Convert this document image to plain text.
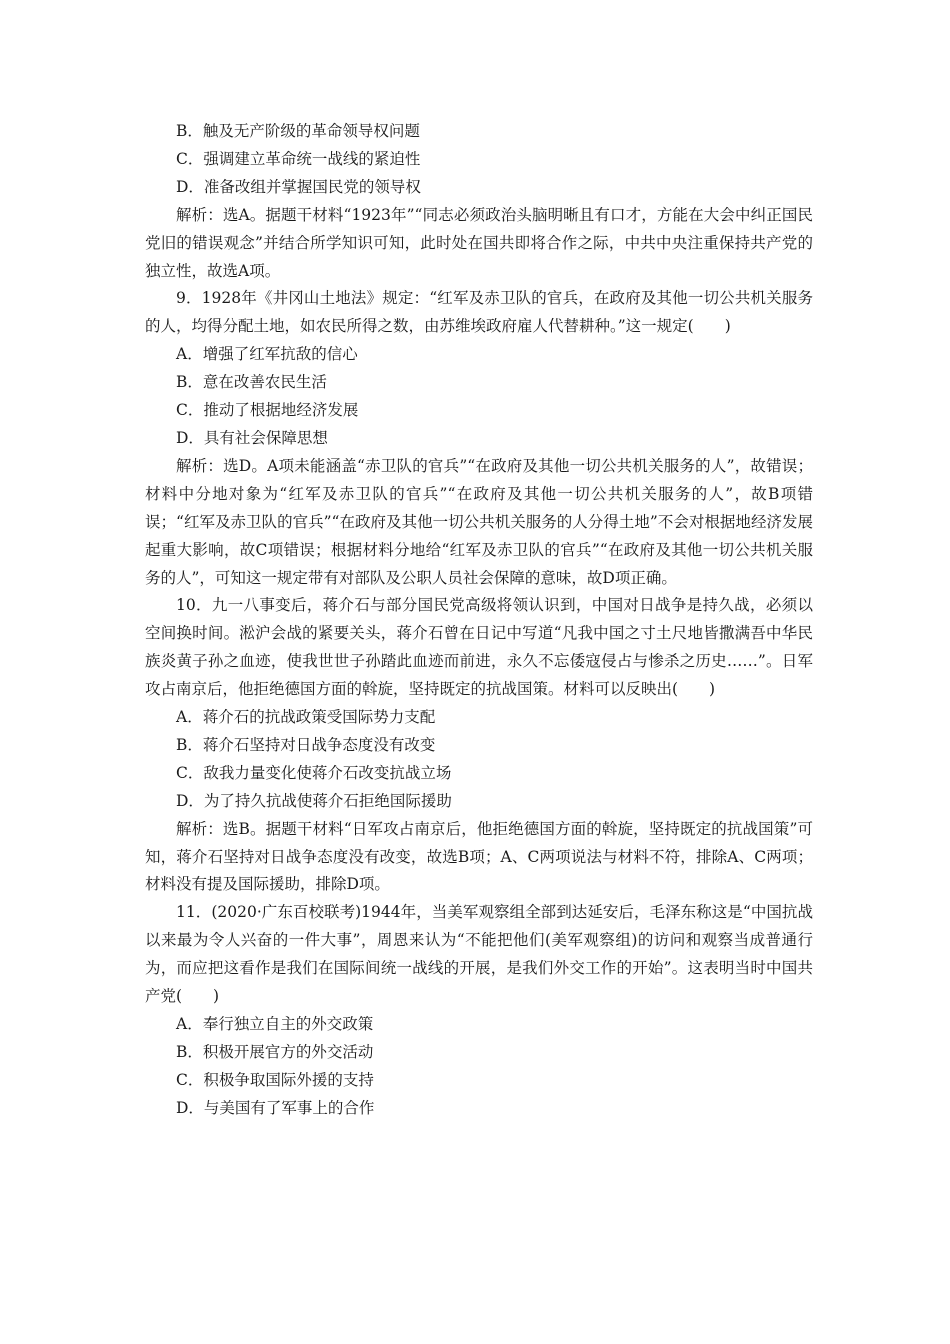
B．触及无产阶级的革命领导权问题

C．强调建立革命统一战线的紧迫性

D．准备改组并掌握国民党的领导权

解析：选A。据题干材料“1923年”“同志必须政治头脑明晰且有口才，方能在大会中纠正国民党旧的错误观念”并结合所学知识可知，此时处在国共即将合作之际，中共中央注重保持共产党的独立性，故选A项。

9．1928年《井冈山土地法》规定：“红军及赤卫队的官兵，在政府及其他一切公共机关服务的人，均得分配土地，如农民所得之数，由苏维埃政府雇人代替耕种。”这一规定(　　)

A．增强了红军抗敌的信心

B．意在改善农民生活

C．推动了根据地经济发展

D．具有社会保障思想

解析：选D。A项未能涵盖“赤卫队的官兵”“在政府及其他一切公共机关服务的人”，故错误；材料中分地对象为“红军及赤卫队的官兵”“在政府及其他一切公共机关服务的人”，故B项错误；“红军及赤卫队的官兵”“在政府及其他一切公共机关服务的人分得土地”不会对根据地经济发展起重大影响，故C项错误；根据材料分地给“红军及赤卫队的官兵”“在政府及其他一切公共机关服务的人”，可知这一规定带有对部队及公职人员社会保障的意味，故D项正确。

10．九一八事变后，蒋介石与部分国民党高级将领认识到，中国对日战争是持久战，必须以空间换时间。淞沪会战的紧要关头，蒋介石曾在日记中写道“凡我中国之寸土尺地皆撒满吾中华民族炎黄子孙之血迹，使我世世子孙踏此血迹而前进，永久不忘倭寇侵占与惨杀之历史……”。日军攻占南京后，他拒绝德国方面的斡旋，坚持既定的抗战国策。材料可以反映出(　　)

A．蒋介石的抗战政策受国际势力支配

B．蒋介石坚持对日战争态度没有改变

C．敌我力量变化使蒋介石改变抗战立场

D．为了持久抗战使蒋介石拒绝国际援助

解析：选B。据题干材料“日军攻占南京后，他拒绝德国方面的斡旋，坚持既定的抗战国策”可知，蒋介石坚持对日战争态度没有改变，故选B项；A、C两项说法与材料不符，排除A、C两项；材料没有提及国际援助，排除D项。

11．(2020·广东百校联考)1944年，当美军观察组全部到达延安后，毛泽东称这是“中国抗战以来最为令人兴奋的一件大事”，周恩来认为“不能把他们(美军观察组)的访问和观察当成普通行为，而应把这看作是我们在国际间统一战线的开展，是我们外交工作的开始”。这表明当时中国共产党(　　)

A．奉行独立自主的外交政策

B．积极开展官方的外交活动

C．积极争取国际外援的支持

D．与美国有了军事上的合作
